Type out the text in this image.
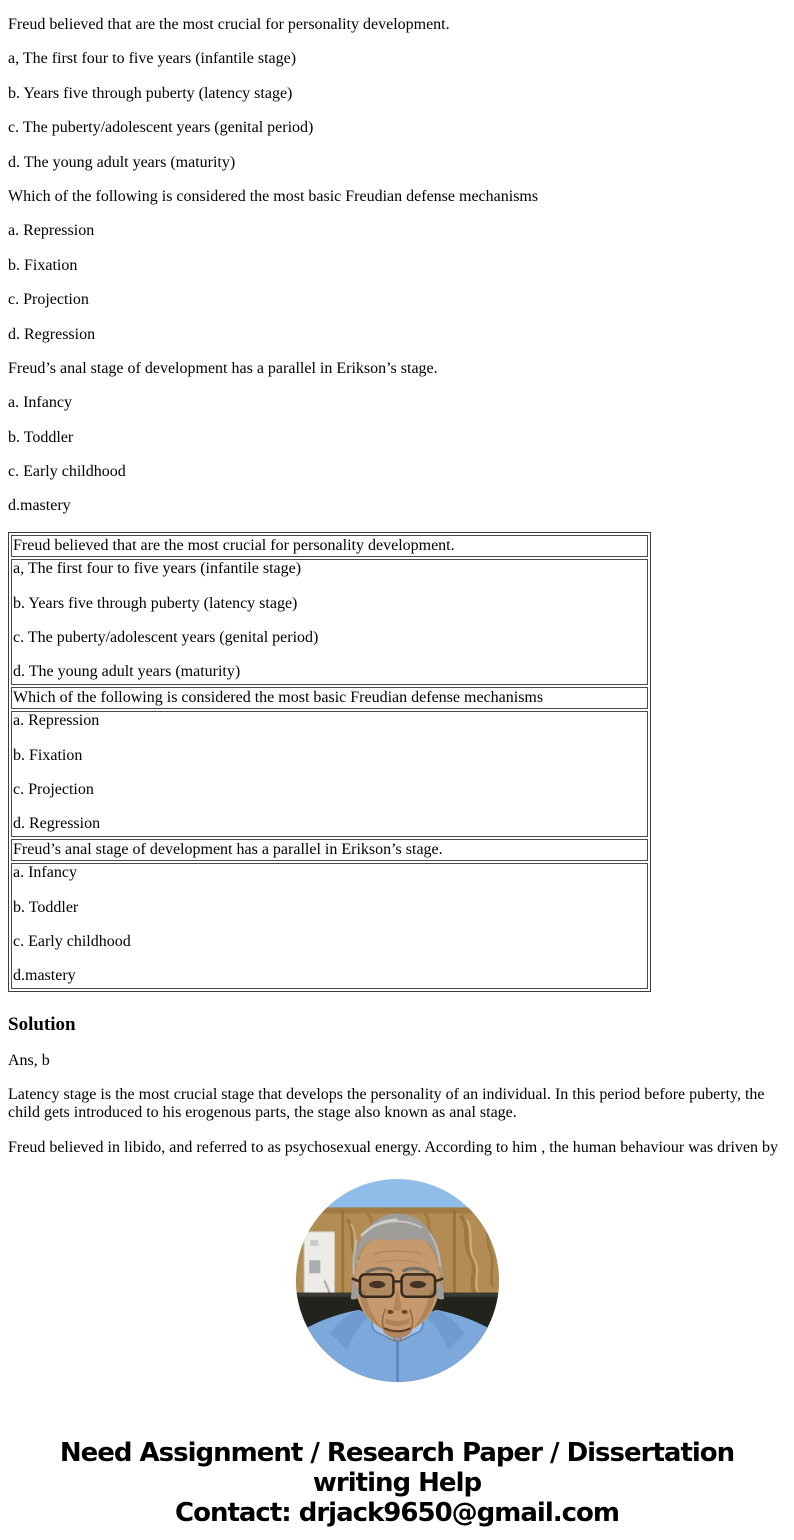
Freud believed that are the most crucial for personality development.

a, The first four to five years (infantile stage)

b. Years five through puberty (latency stage)

c. The puberty/adolescent years (genital period)

d. The young adult years (maturity)

Which of the following is considered the most basic Freudian defense mechanisms

a. Repression

b. Fixation

c. Projection

d. Regression

Freud’s anal stage of development has a parallel in Erikson’s stage.

a. Infancy

b. Toddler

c. Early childhood

d.mastery

Freud believed that are the most crucial for personality development.

a, The first four to five years (infantile stage)

b. Years five through puberty (latency stage)

c. The puberty/adolescent years (genital period)

d. The young adult years (maturity)

Which of the following is considered the most basic Freudian defense mechanisms

a. Repression

b. Fixation

c. Projection

d. Regression

Freud’s anal stage of development has a parallel in Erikson’s stage.

a. Infancy

b. Toddler

c. Early childhood

d.mastery

Solution

Ans, b

Latency stage is the most crucial stage that develops the personality of an individual. In this period before puberty, the child gets introduced to his erogenous parts, the stage also known as anal stage.

Freud believed in libido, and referred to as psychosexual energy. According to him , the human behaviour was driven by

Need Assignment / Research Paper / Dissertation
writing Help
Contact: drjack9650@gmail.com
